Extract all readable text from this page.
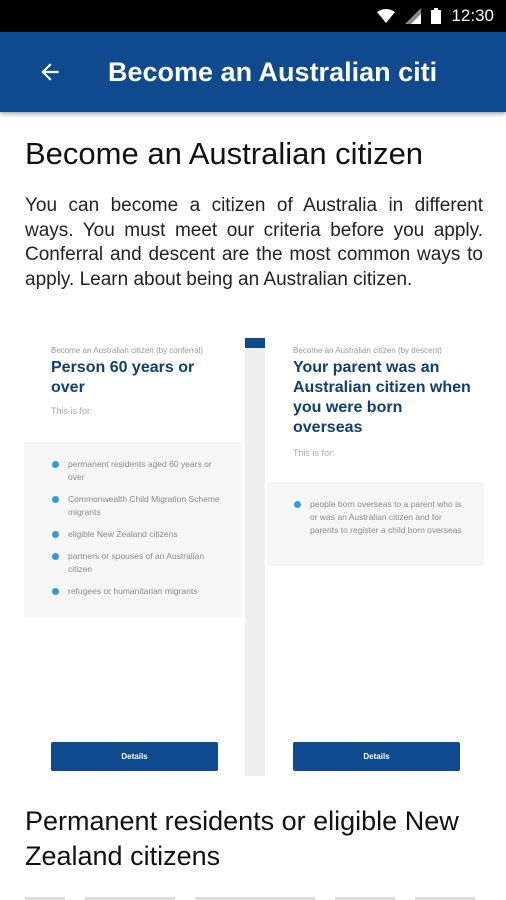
12:30
Become an Australian citi
Become an Australian citizen

You can become a citizen of Australia in different ways. You must meet our criteria before you apply. Conferral and descent are the most common ways to apply. Learn about being an Australian citizen.

Become an Australian citizen (by conferral)
Person 60 years or over
This is for:
permanent residents aged 60 years or over
Commonwealth Child Migration Scheme migrants
eligible New Zealand citizens
partners or spouses of an Australian citizen
refugees or humanitarian migrants
Details
Become an Australian citizen (by descent)
Your parent was an Australian citizen when you were born overseas
This is for:
people born overseas to a parent who is or was an Australian citizen and for parents to register a child born overseas
Details
Permanent residents or eligible New Zealand citizens
